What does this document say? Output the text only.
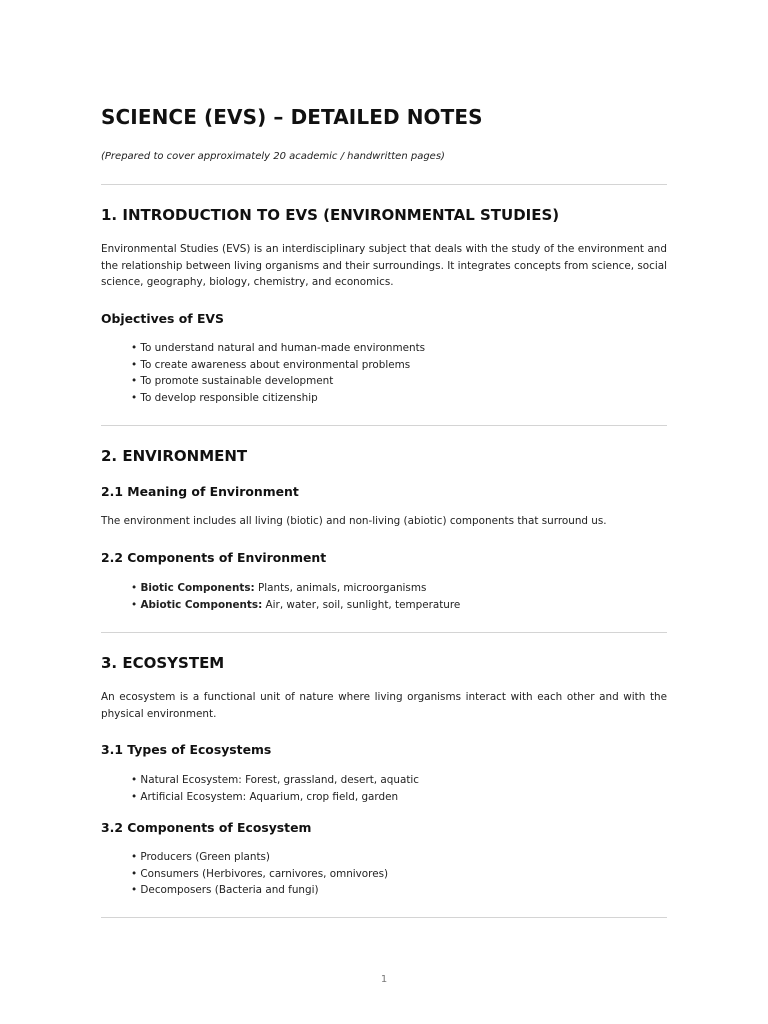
SCIENCE (EVS) – DETAILED NOTES

(Prepared to cover approximately 20 academic / handwritten pages)

1. INTRODUCTION TO EVS (ENVIRONMENTAL STUDIES)

Environmental Studies (EVS) is an interdisciplinary subject that deals with the study of the environment and the relationship between living organisms and their surroundings. It integrates concepts from science, social science, geography, biology, chemistry, and economics.

Objectives of EVS
• To understand natural and human-made environments
• To create awareness about environmental problems
• To promote sustainable development
• To develop responsible citizenship
2. ENVIRONMENT
2.1 Meaning of Environment

The environment includes all living (biotic) and non-living (abiotic) components that surround us.

2.2 Components of Environment
• Biotic Components: Plants, animals, microorganisms
• Abiotic Components: Air, water, soil, sunlight, temperature
3. ECOSYSTEM

An ecosystem is a functional unit of nature where living organisms interact with each other and with the physical environment.

3.1 Types of Ecosystems
• Natural Ecosystem: Forest, grassland, desert, aquatic
• Artificial Ecosystem: Aquarium, crop field, garden
3.2 Components of Ecosystem
• Producers (Green plants)
• Consumers (Herbivores, carnivores, omnivores)
• Decomposers (Bacteria and fungi)
1
